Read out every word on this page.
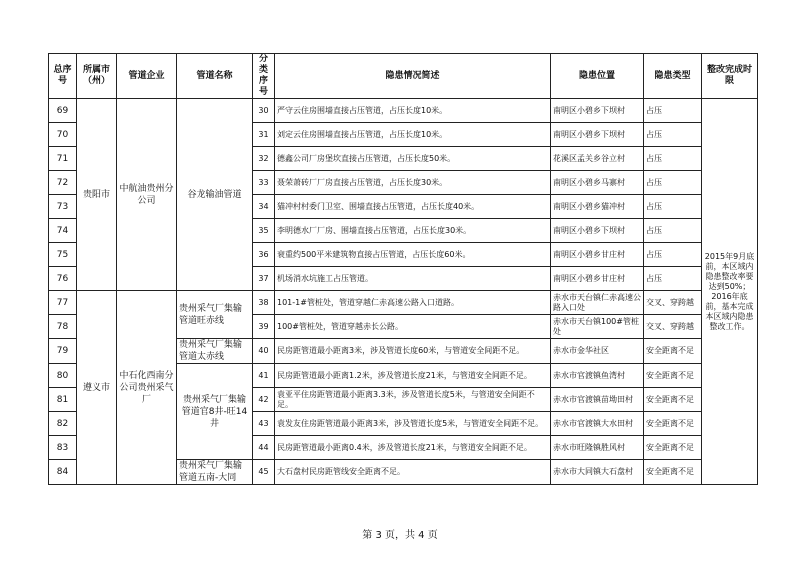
总序号	所属市（州）	管道企业	管道名称	分类序号	隐患情况简述	隐患位置	隐患类型	整改完成时限
69	贵阳市	中航油贵州分公司	谷龙输油管道	30	严守云住房围墙直接占压管道，占压长度10米。	南明区小碧乡下坝村	占压	2015年9月底前，本区域内隐患整改率要达到50%；2016年底前，基本完成本区域内隐患整改工作。
70				31	刘定云住房围墙直接占压管道，占压长度10米。	南明区小碧乡下坝村	占压	
71				32	德鑫公司厂房堡坎直接占压管道，占压长度50米。	花溪区孟关乡谷立村	占压	
72				33	聂荣萧砖厂厂房直接占压管道，占压长度30米。	南明区小碧乡马寨村	占压	
73				34	猫冲村村委门卫室、围墙直接占压管道，占压长度40米。	南明区小碧乡猫冲村	占压	
74				35	李明德水厂厂房、围墙直接占压管道，占压长度30米。	南明区小碧乡下坝村	占压	
75				36	衰重约500平米建筑物直接占压管道，占压长度60米。	南明区小碧乡甘庄村	占压	
76				37	机场消水坑施工占压管道。	南明区小碧乡甘庄村	占压	
77	遵义市	中石化西南分公司贵州采气厂	贵州采气厂集输管道旺赤线	38	101-1#管桩处，管道穿越仁赤高速公路入口道路。	赤水市天台镇仁赤高速公路入口处	交叉、穿跨越	
78				39	100#管桩处，管道穿越赤长公路。	赤水市天台镇100#管桩处	交叉、穿跨越	
79			贵州采气厂集输管道太赤线	40	民房距管道最小距离3米，涉及管道长度60米，与管道安全间距不足。	赤水市金华社区	安全距离不足	
80			贵州采气厂集输管道官8井-旺14井	41	民房距管道最小距离1.2米，涉及管道长度21米，与管道安全间距不足。	赤水市官渡镇鱼湾村	安全距离不足	
81				42	袁亚平住房距管道最小距离3.3米，涉及管道长度5米，与管道安全间距不足。	赤水市官渡镇苗坳田村	安全距离不足	
82				43	袁发友住房距管道最小距离3米，涉及管道长度5米，与管道安全间距不足。	赤水市官渡镇大水田村	安全距离不足	
83				44	民房距管道最小距离0.4米，涉及管道长度21米，与管道安全间距不足。	赤水市旺隆镇胜风村	安全距离不足	
84			贵州采气厂集输管道五南-大同	45	大石盘村民房距管线安全距离不足。	赤水市大同镇大石盘村	安全距离不足	
第 3 页，共 4 页
